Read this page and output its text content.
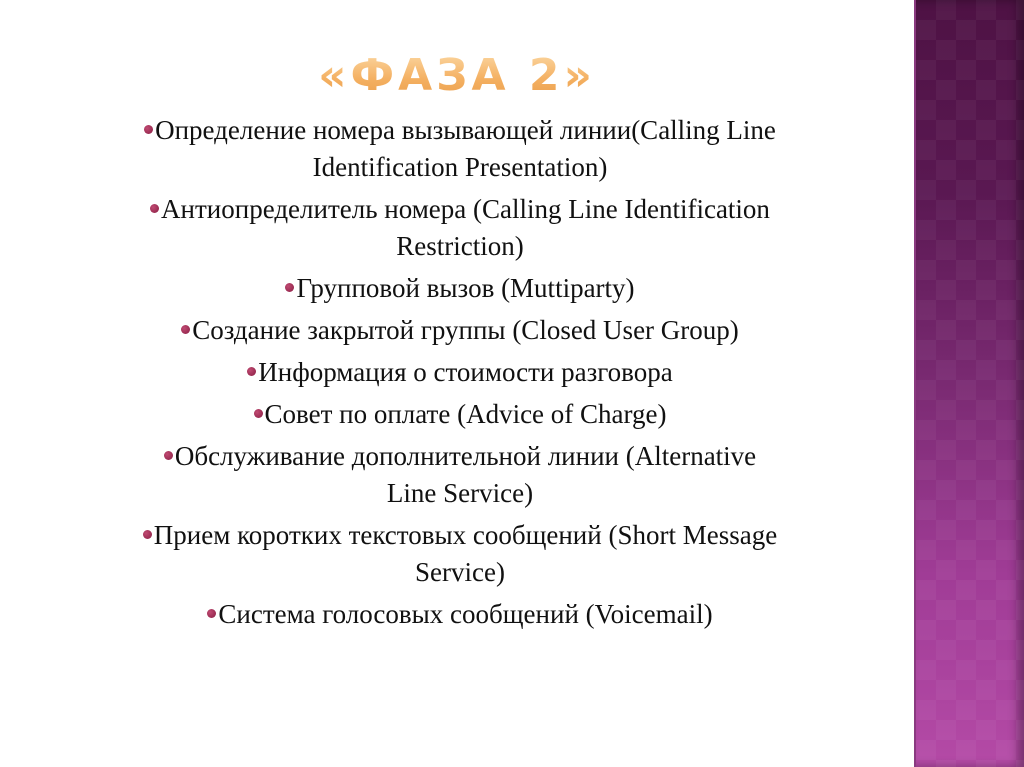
«ФАЗА 2»
Определение номера вызывающей линии(Calling Line
Identification Presentation)
Антиопределитель номера (Calling Line Identification
Restriction)
Групповой вызов (Muttiparty)
Создание закрытой группы (Closed User Group)
Информация о стоимости разговора
Совет по оплате (Advice of Charge)
Обслуживание дополнительной линии (Alternative
Line Service)
Прием коротких текстовых сообщений (Short Message
Service)
Система голосовых сообщений (Voicemail)
